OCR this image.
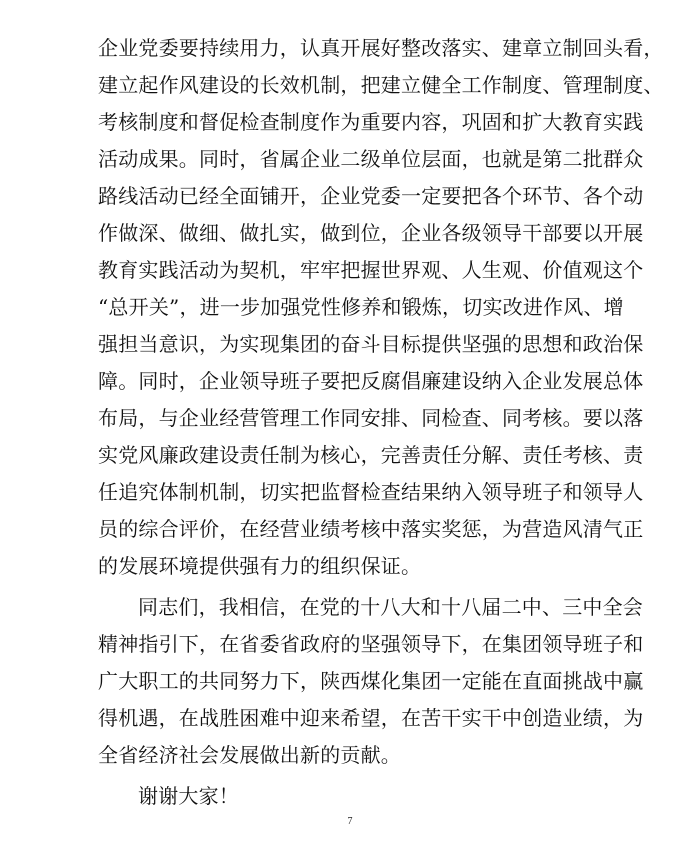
企业党委要持续用力，认真开展好整改落实、建章立制回头看，
建立起作风建设的长效机制，把建立健全工作制度、管理制度、
考核制度和督促检查制度作为重要内容，巩固和扩大教育实践
活动成果。同时，省属企业二级单位层面，也就是第二批群众
路线活动已经全面铺开，企业党委一定要把各个环节、各个动
作做深、做细、做扎实，做到位，企业各级领导干部要以开展
教育实践活动为契机，牢牢把握世界观、人生观、价值观这个
“总开关”，进一步加强党性修养和锻炼，切实改进作风、增
强担当意识，为实现集团的奋斗目标提供坚强的思想和政治保
障。同时，企业领导班子要把反腐倡廉建设纳入企业发展总体
布局，与企业经营管理工作同安排、同检查、同考核。要以落
实党风廉政建设责任制为核心，完善责任分解、责任考核、责
任追究体制机制，切实把监督检查结果纳入领导班子和领导人
员的综合评价，在经营业绩考核中落实奖惩，为营造风清气正
的发展环境提供强有力的组织保证。
同志们，我相信，在党的十八大和十八届二中、三中全会
精神指引下，在省委省政府的坚强领导下，在集团领导班子和
广大职工的共同努力下，陕西煤化集团一定能在直面挑战中赢
得机遇，在战胜困难中迎来希望，在苦干实干中创造业绩，为
全省经济社会发展做出新的贡献。
谢谢大家！
7
